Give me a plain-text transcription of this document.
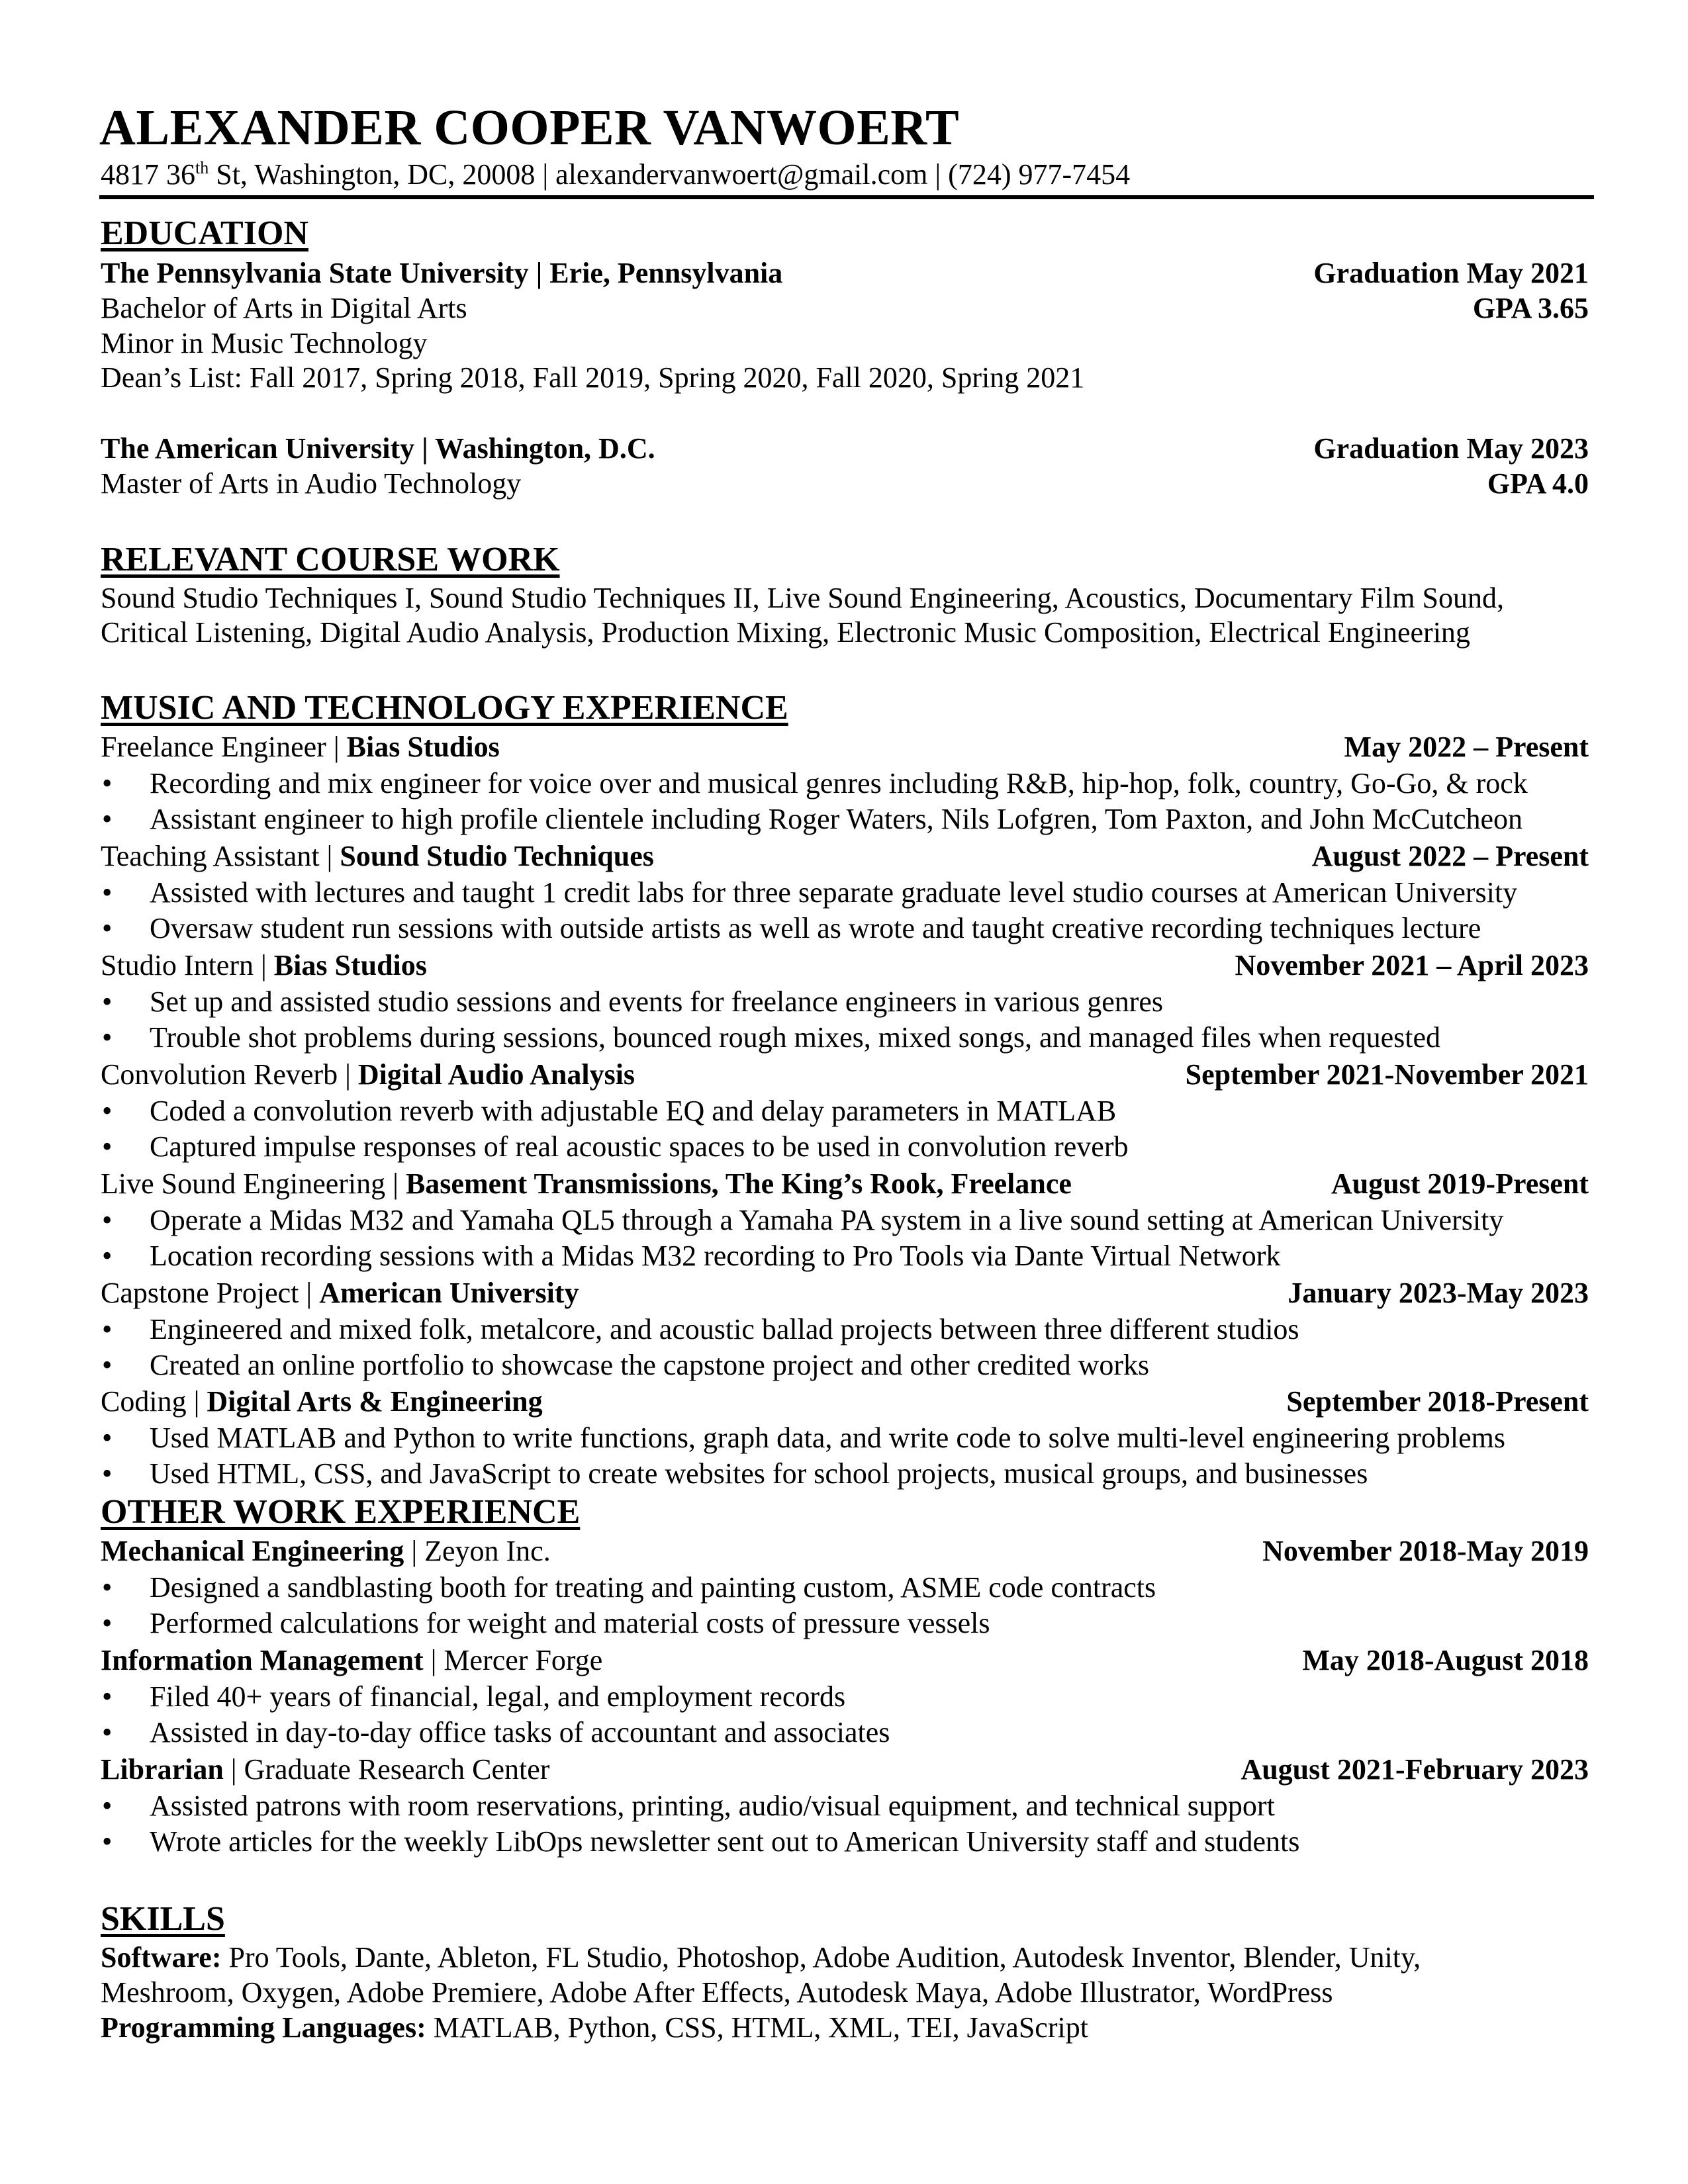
ALEXANDER COOPER VANWOERT
4817 36th St, Washington, DC, 20008 | alexandervanwoert@gmail.com | (724) 977-7454
EDUCATION
The Pennsylvania State University | Erie, Pennsylvania	Graduation May 2021
Bachelor of Arts in Digital Arts	GPA 3.65
Minor in Music Technology
Dean’s List: Fall 2017, Spring 2018, Fall 2019, Spring 2020, Fall 2020, Spring 2021
The American University | Washington, D.C.	Graduation May 2023
Master of Arts in Audio Technology	GPA 4.0
RELEVANT COURSE WORK
Sound Studio Techniques I, Sound Studio Techniques II, Live Sound Engineering, Acoustics, Documentary Film Sound,
Critical Listening, Digital Audio Analysis, Production Mixing, Electronic Music Composition, Electrical Engineering
MUSIC AND TECHNOLOGY EXPERIENCE
Freelance Engineer | Bias Studios	May 2022 – Present
• Recording and mix engineer for voice over and musical genres including R&B, hip-hop, folk, country, Go-Go, & rock
• Assistant engineer to high profile clientele including Roger Waters, Nils Lofgren, Tom Paxton, and John McCutcheon
Teaching Assistant | Sound Studio Techniques	August 2022 – Present
• Assisted with lectures and taught 1 credit labs for three separate graduate level studio courses at American University
• Oversaw student run sessions with outside artists as well as wrote and taught creative recording techniques lecture
Studio Intern | Bias Studios	November 2021 – April 2023
• Set up and assisted studio sessions and events for freelance engineers in various genres
• Trouble shot problems during sessions, bounced rough mixes, mixed songs, and managed files when requested
Convolution Reverb | Digital Audio Analysis	September 2021-November 2021
• Coded a convolution reverb with adjustable EQ and delay parameters in MATLAB
• Captured impulse responses of real acoustic spaces to be used in convolution reverb
Live Sound Engineering | Basement Transmissions, The King’s Rook, Freelance	August 2019-Present
• Operate a Midas M32 and Yamaha QL5 through a Yamaha PA system in a live sound setting at American University
• Location recording sessions with a Midas M32 recording to Pro Tools via Dante Virtual Network
Capstone Project | American University	January 2023-May 2023
• Engineered and mixed folk, metalcore, and acoustic ballad projects between three different studios
• Created an online portfolio to showcase the capstone project and other credited works
Coding | Digital Arts & Engineering	September 2018-Present
• Used MATLAB and Python to write functions, graph data, and write code to solve multi-level engineering problems
• Used HTML, CSS, and JavaScript to create websites for school projects, musical groups, and businesses
OTHER WORK EXPERIENCE
Mechanical Engineering | Zeyon Inc.	November 2018-May 2019
• Designed a sandblasting booth for treating and painting custom, ASME code contracts
• Performed calculations for weight and material costs of pressure vessels
Information Management | Mercer Forge	May 2018-August 2018
• Filed 40+ years of financial, legal, and employment records
• Assisted in day-to-day office tasks of accountant and associates
Librarian | Graduate Research Center	August 2021-February 2023
• Assisted patrons with room reservations, printing, audio/visual equipment, and technical support
• Wrote articles for the weekly LibOps newsletter sent out to American University staff and students
SKILLS
Software: Pro Tools, Dante, Ableton, FL Studio, Photoshop, Adobe Audition, Autodesk Inventor, Blender, Unity,
Meshroom, Oxygen, Adobe Premiere, Adobe After Effects, Autodesk Maya, Adobe Illustrator, WordPress
Programming Languages: MATLAB, Python, CSS, HTML, XML, TEI, JavaScript
